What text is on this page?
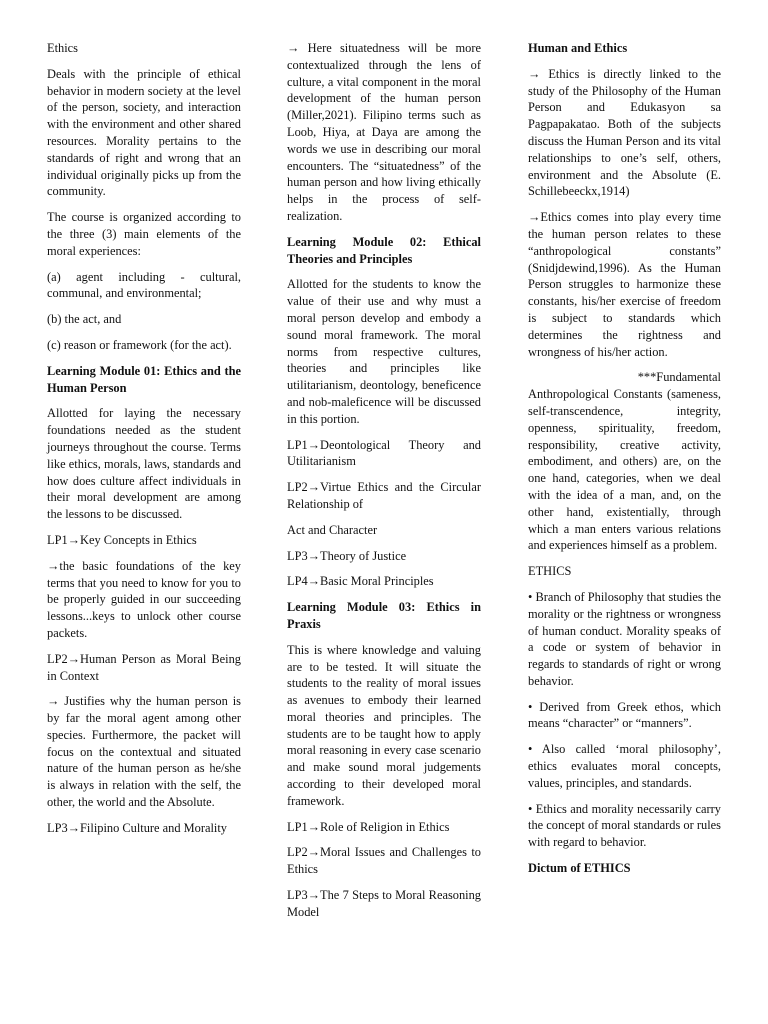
Ethics

Deals with the principle of ethical behavior in modern society at the level of the person, society, and interaction with the environment and other shared resources. Morality pertains to the standards of right and wrong that an individual originally picks up from the community.

The course is organized according to the three (3) main elements of the moral experiences:

(a) agent including - cultural, communal, and environmental;

(b) the act, and

(c) reason or framework (for the act).

Learning Module 01: Ethics and the Human Person

Allotted for laying the necessary foundations needed as the student journeys throughout the course. Terms like ethics, morals, laws, standards and how does culture affect individuals in their moral development are among the lessons to be discussed.

LP1→Key Concepts in Ethics

→the basic foundations of the key terms that you need to know for you to be properly guided in our succeeding lessons...keys to unlock other course packets.

LP2→Human Person as Moral Being in Context

→ Justifies why the human person is by far the moral agent among other species. Furthermore, the packet will focus on the contextual and situated nature of the human person as he/she is always in relation with the self, the other, the world and the Absolute.

LP3→Filipino Culture and Morality

→ Here situatedness will be more contextualized through the lens of culture, a vital component in the moral development of the human person (Miller,2021). Filipino terms such as Loob, Hiya, at Daya are among the words we use in describing our moral encounters. The “situatedness” of the human person and how living ethically helps in the process of self- realization.

Learning Module 02: Ethical Theories and Principles

Allotted for the students to know the value of their use and why must a moral person develop and embody a sound moral framework. The moral norms from respective cultures, theories and principles like utilitarianism, deontology, beneficence and nob-maleficence will be discussed in this portion.

LP1→Deontological Theory and Utilitarianism

LP2→Virtue Ethics and the Circular Relationship of

Act and Character

LP3→Theory of Justice

LP4→Basic Moral Principles

Learning Module 03: Ethics in Praxis

This is where knowledge and valuing are to be tested. It will situate the students to the reality of moral issues as avenues to embody their learned moral theories and principles. The students are to be taught how to apply moral reasoning in every case scenario and make sound moral judgements according to their developed moral framework.

LP1→Role of Religion in Ethics

LP2→Moral Issues and Challenges to Ethics

LP3→The 7 Steps to Moral Reasoning Model

Human and Ethics

→ Ethics is directly linked to the study of the Philosophy of the Human Person and Edukasyon sa Pagpapakatao. Both of the subjects discuss the Human Person and its vital relationships to one’s self, others, environment and the Absolute (E. Schillebeeckx,1914)

→Ethics comes into play every time the human person relates to these “anthropological constants” (Snidjdewind,1996). As the Human Person struggles to harmonize these constants, his/her exercise of freedom is subject to standards which determines the rightness and wrongness of his/her action.

***Fundamental

Anthropological Constants (sameness, self-transcendence, integrity, openness, spirituality, freedom, responsibility, creative activity, embodiment, and others) are, on the one hand, categories, when we deal with the idea of a man, and, on the other hand, existentially, through which a man enters various relations and experiences himself as a problem.

ETHICS

• Branch of Philosophy that studies the morality or the rightness or wrongness of human conduct. Morality speaks of a code or system of behavior in regards to standards of right or wrong behavior.

• Derived from Greek ethos, which means “character” or “manners”.

• Also called ‘moral philosophy’, ethics evaluates moral concepts, values, principles, and standards.

• Ethics and morality necessarily carry the concept of moral standards or rules with regard to behavior.

Dictum of ETHICS
